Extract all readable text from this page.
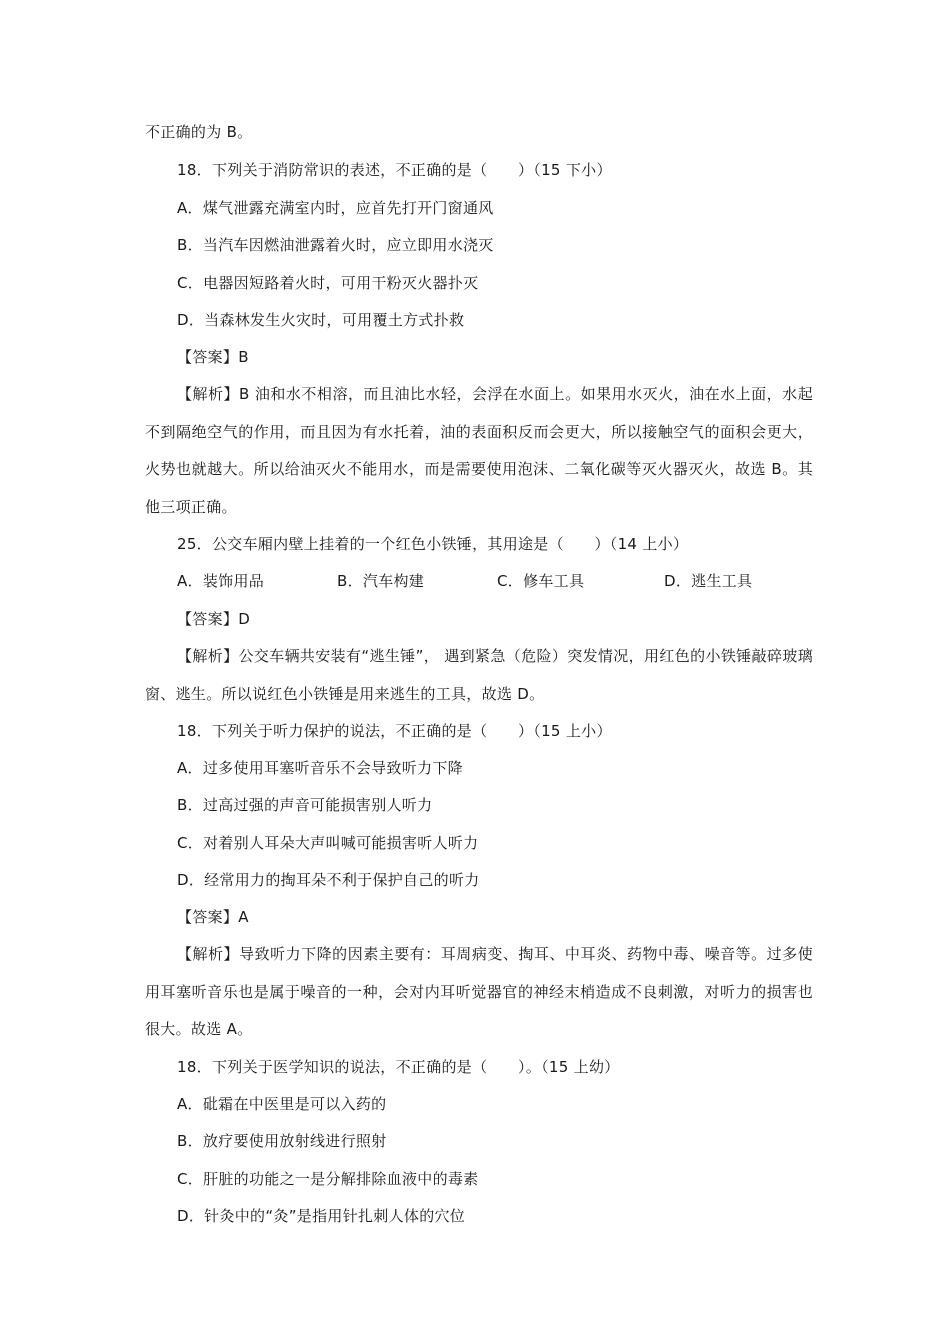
不正确的为 B。
18．下列关于消防常识的表述，不正确的是（　　）（15 下小）
A．煤气泄露充满室内时，应首先打开门窗通风
B．当汽车因燃油泄露着火时，应立即用水浇灭
C．电器因短路着火时，可用干粉灭火器扑灭
D．当森林发生火灾时，可用覆土方式扑救
【答案】B
【解析】B 油和水不相溶，而且油比水轻，会浮在水面上。如果用水灭火，油在水上面，水起不到隔绝空气的作用，而且因为有水托着，油的表面积反而会更大，所以接触空气的面积会更大，火势也就越大。所以给油灭火不能用水，而是需要使用泡沫、二氧化碳等灭火器灭火，故选 B。其他三项正确。
25．公交车厢内壁上挂着的一个红色小铁锤，其用途是（　　）（14 上小）
A．装饰用品	B．汽车构建	C．修车工具	D．逃生工具
【答案】D
【解析】公交车辆共安装有“逃生锤”， 遇到紧急（危险）突发情况，用红色的小铁锤敲碎玻璃窗、逃生。所以说红色小铁锤是用来逃生的工具，故选 D。
18．下列关于听力保护的说法，不正确的是（　　）（15 上小）
A．过多使用耳塞听音乐不会导致听力下降
B．过高过强的声音可能损害别人听力
C．对着别人耳朵大声叫喊可能损害听人听力
D．经常用力的掏耳朵不利于保护自己的听力
【答案】A
【解析】导致听力下降的因素主要有：耳周病变、掏耳、中耳炎、药物中毒、噪音等。过多使用耳塞听音乐也是属于噪音的一种，会对内耳听觉器官的神经末梢造成不良刺激，对听力的损害也很大。故选 A。
18．下列关于医学知识的说法，不正确的是（　　）。（15 上幼）
A．砒霜在中医里是可以入药的
B．放疗要使用放射线进行照射
C．肝脏的功能之一是分解排除血液中的毒素
D．针灸中的“灸”是指用针扎刺人体的穴位
